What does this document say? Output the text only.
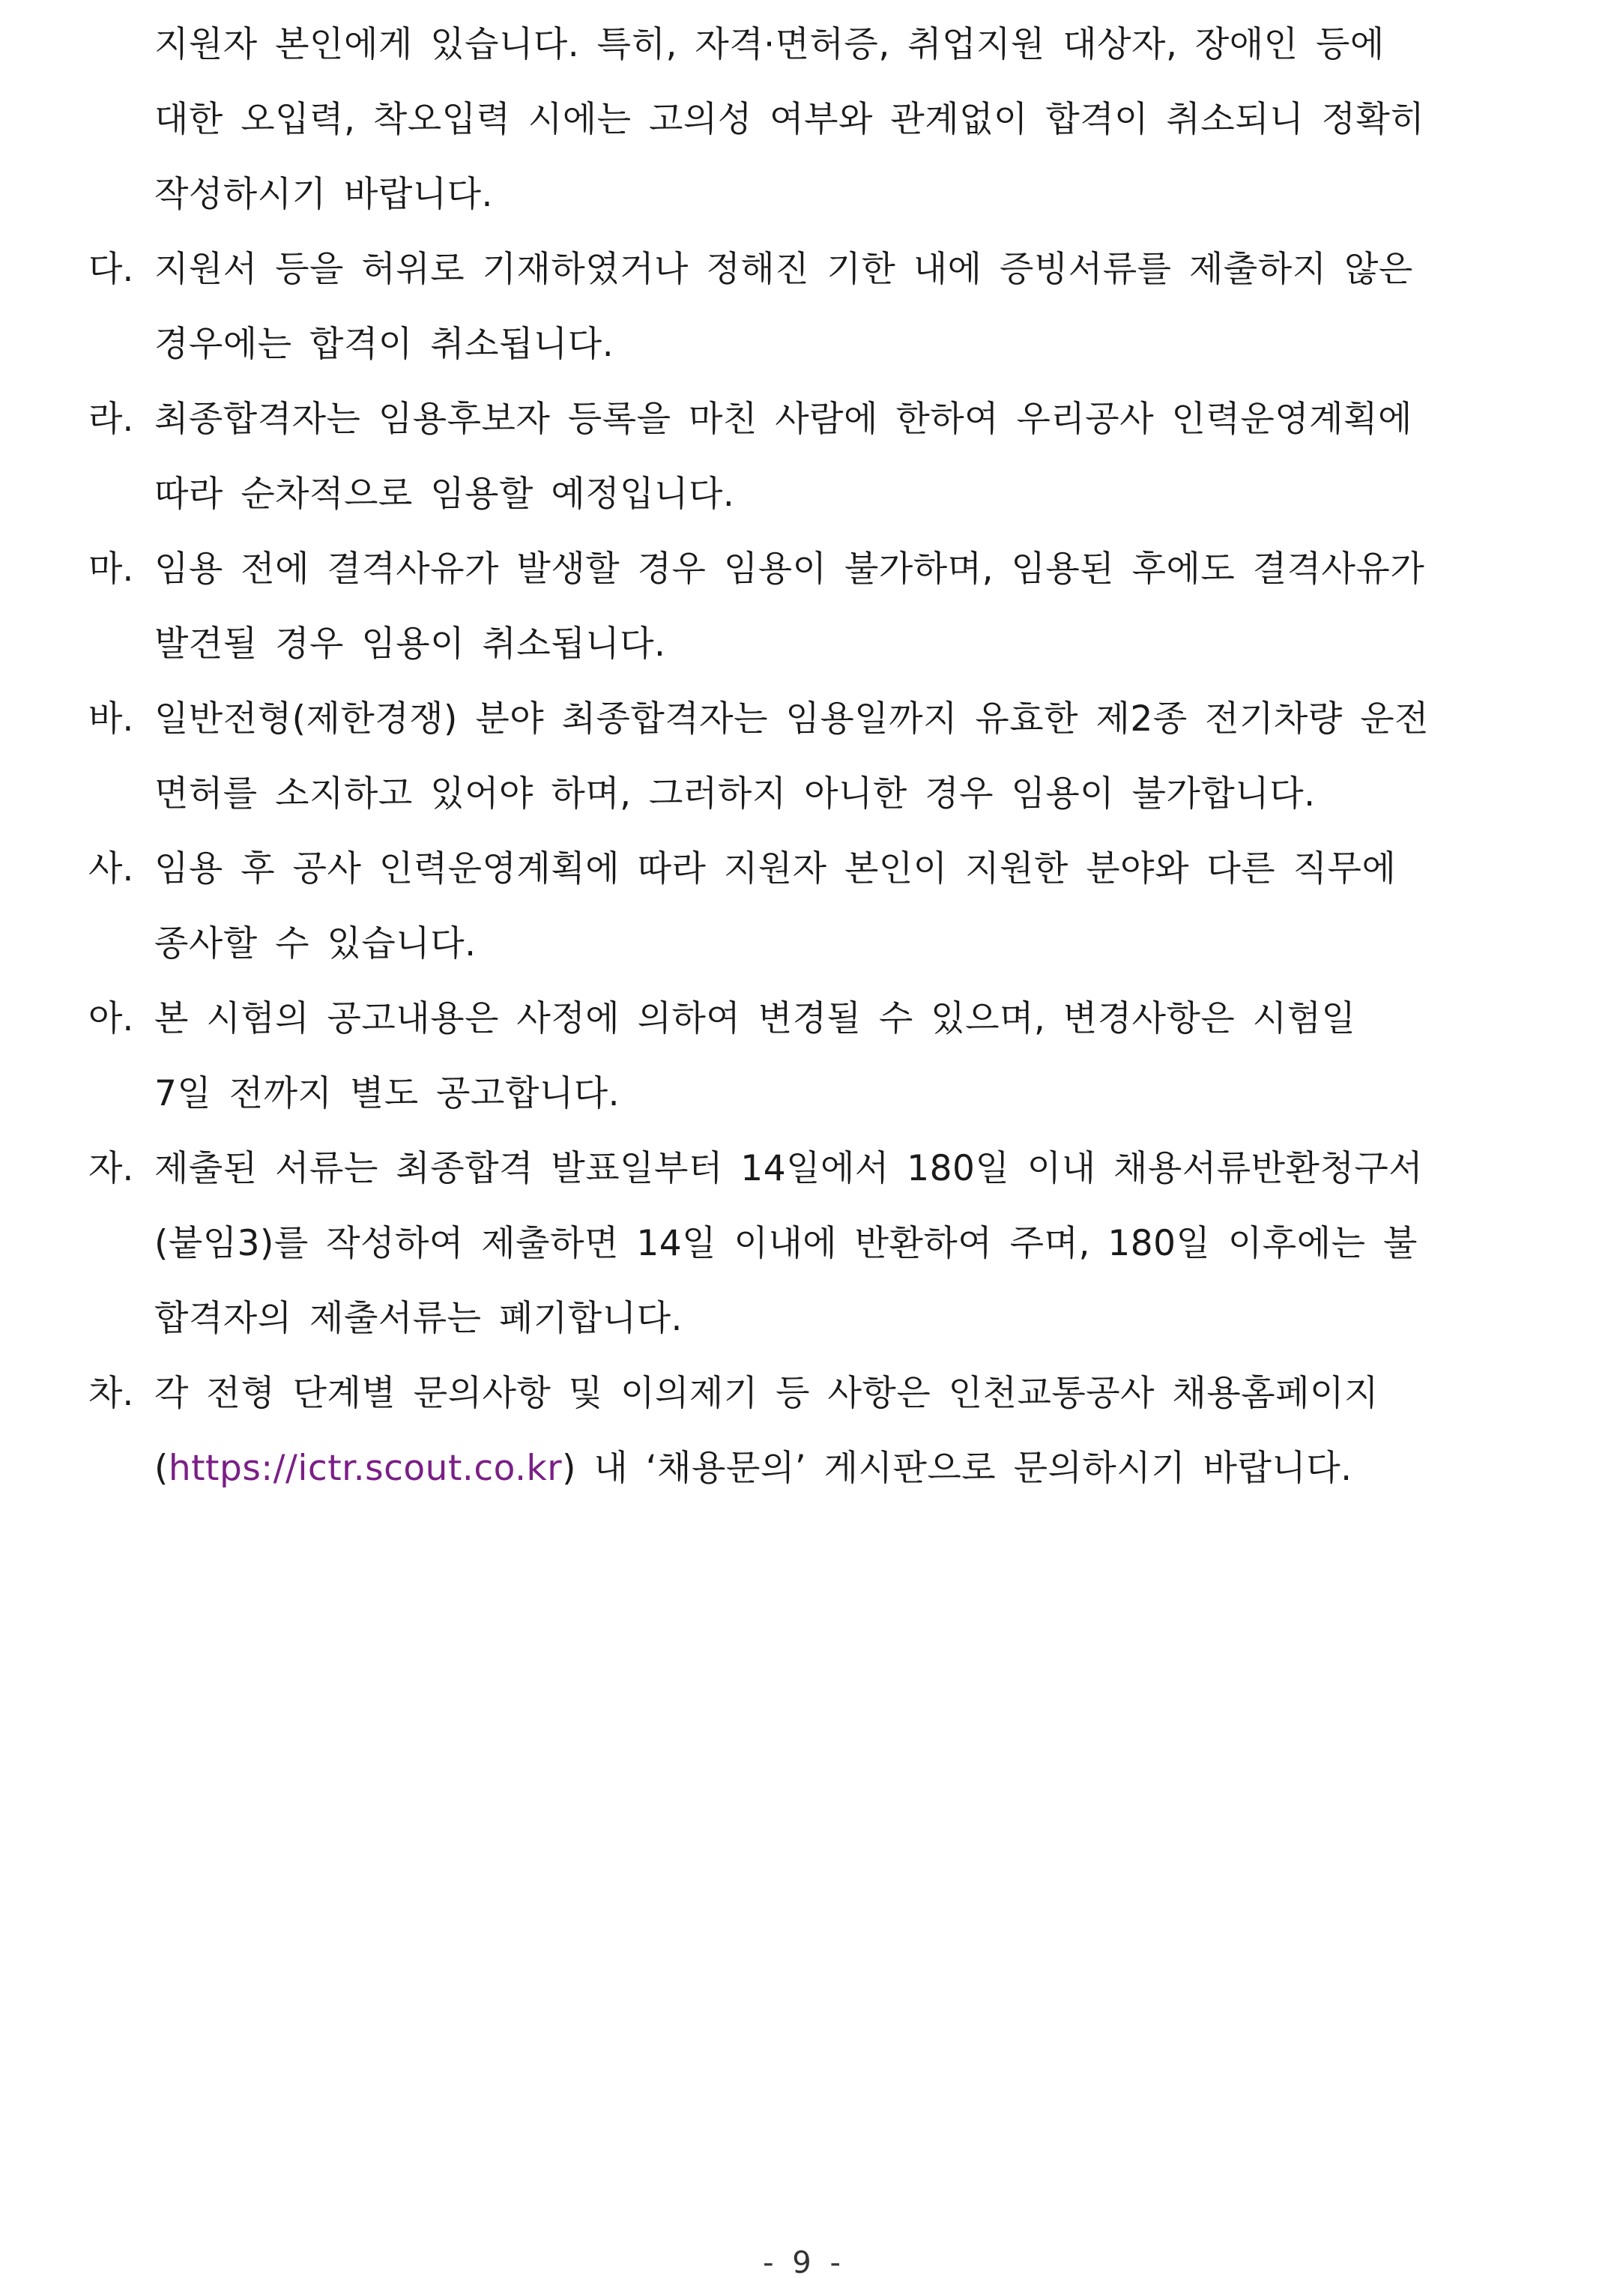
지원자 본인에게 있습니다. 특히, 자격·면허증, 취업지원 대상자, 장애인 등에
대한 오입력, 착오입력 시에는 고의성 여부와 관계없이 합격이 취소되니 정확히
작성하시기 바랍니다.
다. 지원서 등을 허위로 기재하였거나 정해진 기한 내에 증빙서류를 제출하지 않은
경우에는 합격이 취소됩니다.
라. 최종합격자는 임용후보자 등록을 마친 사람에 한하여 우리공사 인력운영계획에
따라 순차적으로 임용할 예정입니다.
마. 임용 전에 결격사유가 발생할 경우 임용이 불가하며, 임용된 후에도 결격사유가
발견될 경우 임용이 취소됩니다.
바. 일반전형(제한경쟁) 분야 최종합격자는 임용일까지 유효한 제2종 전기차량 운전
면허를 소지하고 있어야 하며, 그러하지 아니한 경우 임용이 불가합니다.
사. 임용 후 공사 인력운영계획에 따라 지원자 본인이 지원한 분야와 다른 직무에
종사할 수 있습니다.
아. 본 시험의 공고내용은 사정에 의하여 변경될 수 있으며, 변경사항은 시험일
7일 전까지 별도 공고합니다.
자. 제출된 서류는 최종합격 발표일부터 14일에서 180일 이내 채용서류반환청구서
(붙임3)를 작성하여 제출하면 14일 이내에 반환하여 주며, 180일 이후에는 불
합격자의 제출서류는 폐기합니다.
차. 각 전형 단계별 문의사항 및 이의제기 등 사항은 인천교통공사 채용홈페이지
(https://ictr.scout.co.kr) 내 ‘채용문의’ 게시판으로 문의하시기 바랍니다.
- 9 -
